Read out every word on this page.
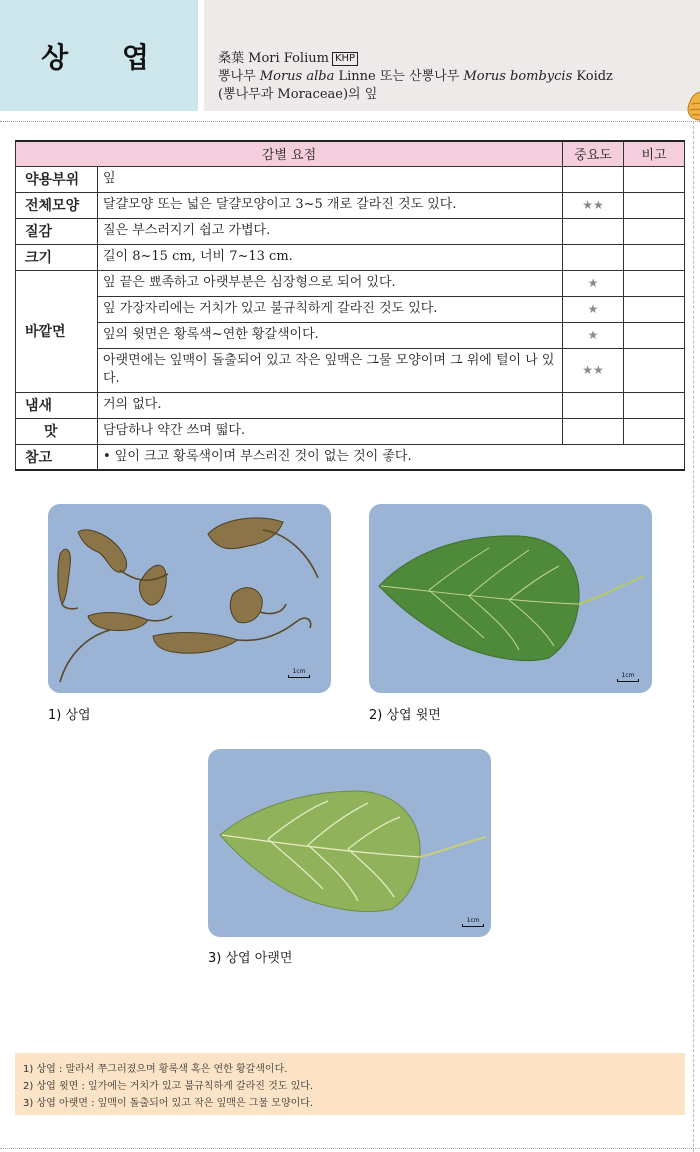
상 엽	桑葉 Mori Folium KHP
뽕나무 Morus alba Linne 또는 산뽕나무 Morus bombycis Koidz
(뽕나무과 Moraceae)의 잎
감별 요점		중요도	비고
약용부위	잎		
전체모양	달걀모양 또는 넓은 달걀모양이고 3~5 개로 갈라진 것도 있다.	★★	
질감	질은 부스러지기 쉽고 가볍다.		
크기	길이 8~15 cm, 너비 7~13 cm.		
바깥면	잎 끝은 뾰족하고 아랫부분은 심장형으로 되어 있다.	★	
	잎 가장자리에는 거치가 있고 불규칙하게 갈라진 것도 있다.	★	
	잎의 윗면은 황록색~연한 황갈색이다.	★	
	아랫면에는 잎맥이 돌출되어 있고 작은 잎맥은 그물 모양이며 그 위에 털이 나 있다.	★★	
냄새	거의 없다.		
맛	담담하나 약간 쓰며 떫다.		
참고	• 잎이 크고 황록색이며 부스러진 것이 없는 것이 좋다.		
1cm
1) 상엽
1cm
2) 상엽 윗면
1cm
3) 상엽 아랫면
1) 상엽 : 말라서 쭈그러졌으며 황록색 혹은 연한 황갈색이다.
2) 상엽 윗면 : 잎가에는 거치가 있고 불규칙하게 갈라진 것도 있다.
3) 상엽 아랫면 : 잎맥이 돌출되어 있고 작은 잎맥은 그물 모양이다.
